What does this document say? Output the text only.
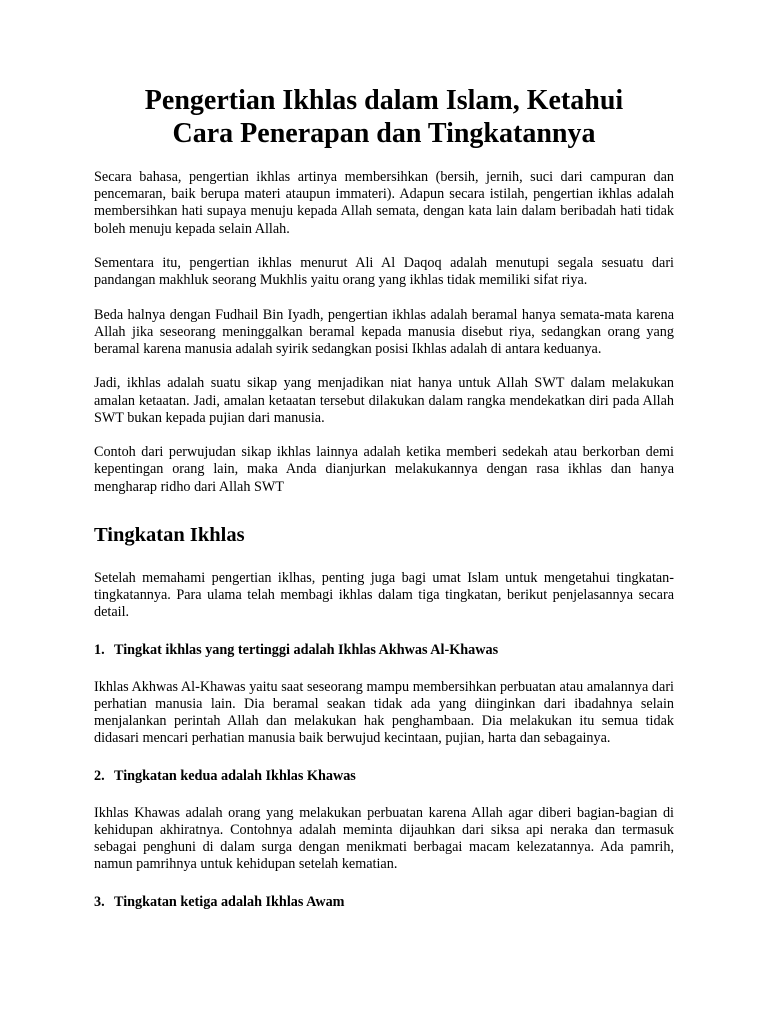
Pengertian Ikhlas dalam Islam, Ketahui
Cara Penerapan dan Tingkatannya

Secara bahasa, pengertian ikhlas artinya membersihkan (bersih, jernih, suci dari campuran dan pencemaran, baik berupa materi ataupun immateri). Adapun secara istilah, pengertian ikhlas adalah membersihkan hati supaya menuju kepada Allah semata, dengan kata lain dalam beribadah hati tidak boleh menuju kepada selain Allah.

Sementara itu, pengertian ikhlas menurut Ali Al Daqoq adalah menutupi segala sesuatu dari pandangan makhluk seorang Mukhlis yaitu orang yang ikhlas tidak memiliki sifat riya.

Beda halnya dengan Fudhail Bin Iyadh, pengertian ikhlas adalah beramal hanya semata-mata karena Allah jika seseorang meninggalkan beramal kepada manusia disebut riya, sedangkan orang yang beramal karena manusia adalah syirik sedangkan posisi Ikhlas adalah di antara keduanya.

Jadi, ikhlas adalah suatu sikap yang menjadikan niat hanya untuk Allah SWT dalam melakukan amalan ketaatan. Jadi, amalan ketaatan tersebut dilakukan dalam rangka mendekatkan diri pada Allah SWT bukan kepada pujian dari manusia.

Contoh dari perwujudan sikap ikhlas lainnya adalah ketika memberi sedekah atau berkorban demi kepentingan orang lain, maka Anda dianjurkan melakukannya dengan rasa ikhlas dan hanya mengharap ridho dari Allah SWT

Tingkatan Ikhlas

Setelah memahami pengertian iklhas, penting juga bagi umat Islam untuk mengetahui tingkatan-tingkatannya. Para ulama telah membagi ikhlas dalam tiga tingkatan, berikut penjelasannya secara detail.

1. Tingkat ikhlas yang tertinggi adalah Ikhlas Akhwas Al-Khawas

Ikhlas Akhwas Al-Khawas yaitu saat seseorang mampu membersihkan perbuatan atau amalannya dari perhatian manusia lain. Dia beramal seakan tidak ada yang diinginkan dari ibadahnya selain menjalankan perintah Allah dan melakukan hak penghambaan. Dia melakukan itu semua tidak didasari mencari perhatian manusia baik berwujud kecintaan, pujian, harta dan sebagainya.

2. Tingkatan kedua adalah Ikhlas Khawas

Ikhlas Khawas adalah orang yang melakukan perbuatan karena Allah agar diberi bagian-bagian di kehidupan akhiratnya. Contohnya adalah meminta dijauhkan dari siksa api neraka dan termasuk sebagai penghuni di dalam surga dengan menikmati berbagai macam kelezatannya. Ada pamrih, namun pamrihnya untuk kehidupan setelah kematian.

3. Tingkatan ketiga adalah Ikhlas Awam
